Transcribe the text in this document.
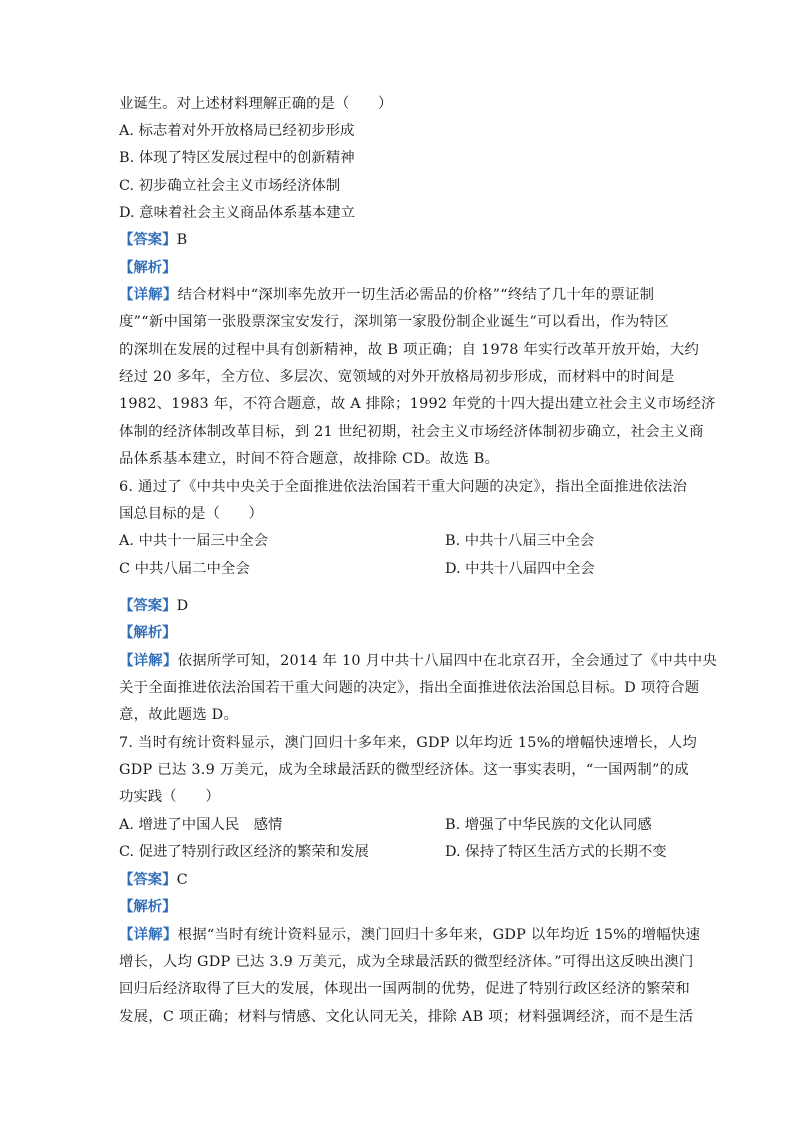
业诞生。对上述材料理解正确的是（　　）
A. 标志着对外开放格局已经初步形成
B. 体现了特区发展过程中的创新精神
C. 初步确立社会主义市场经济体制
D. 意味着社会主义商品体系基本建立
【答案】B
【解析】
【详解】结合材料中“深圳率先放开一切生活必需品的价格”“终结了几十年的票证制
度”“新中国第一张股票深宝安发行，深圳第一家股份制企业诞生”可以看出，作为特区
的深圳在发展的过程中具有创新精神，故 B 项正确；自 1978 年实行改革开放开始，大约
经过 20 多年，全方位、多层次、宽领域的对外开放格局初步形成，而材料中的时间是
1982、1983 年，不符合题意，故 A 排除；1992 年党的十四大提出建立社会主义市场经济
体制的经济体制改革目标，到 21 世纪初期，社会主义市场经济体制初步确立，社会主义商
品体系基本建立，时间不符合题意，故排除 CD。故选 B。
6. 通过了《中共中央关于全面推进依法治国若干重大问题的决定》，指出全面推进依法治
国总目标的是（　　）
A. 中共十一届三中全会	B. 中共十八届三中全会
C 中共八届二中全会	D. 中共十八届四中全会
【答案】D
【解析】
【详解】依据所学可知，2014 年 10 月中共十八届四中在北京召开，全会通过了《中共中央
关于全面推进依法治国若干重大问题的决定》，指出全面推进依法治国总目标。D 项符合题
意，故此题选 D。
7. 当时有统计资料显示，澳门回归十多年来，GDP 以年均近 15%的增幅快速增长，人均
GDP 已达 3.9 万美元，成为全球最活跃的微型经济体。这一事实表明，“一国两制”的成
功实践（　　）
A. 增进了中国人民　感情	B. 增强了中华民族的文化认同感
C. 促进了特别行政区经济的繁荣和发展	D. 保持了特区生活方式的长期不变
【答案】C
【解析】
【详解】根据“当时有统计资料显示，澳门回归十多年来，GDP 以年均近 15%的增幅快速
增长，人均 GDP 已达 3.9 万美元，成为全球最活跃的微型经济体。”可得出这反映出澳门
回归后经济取得了巨大的发展，体现出一国两制的优势，促进了特别行政区经济的繁荣和
发展，C 项正确；材料与情感、文化认同无关，排除 AB 项；材料强调经济，而不是生活
